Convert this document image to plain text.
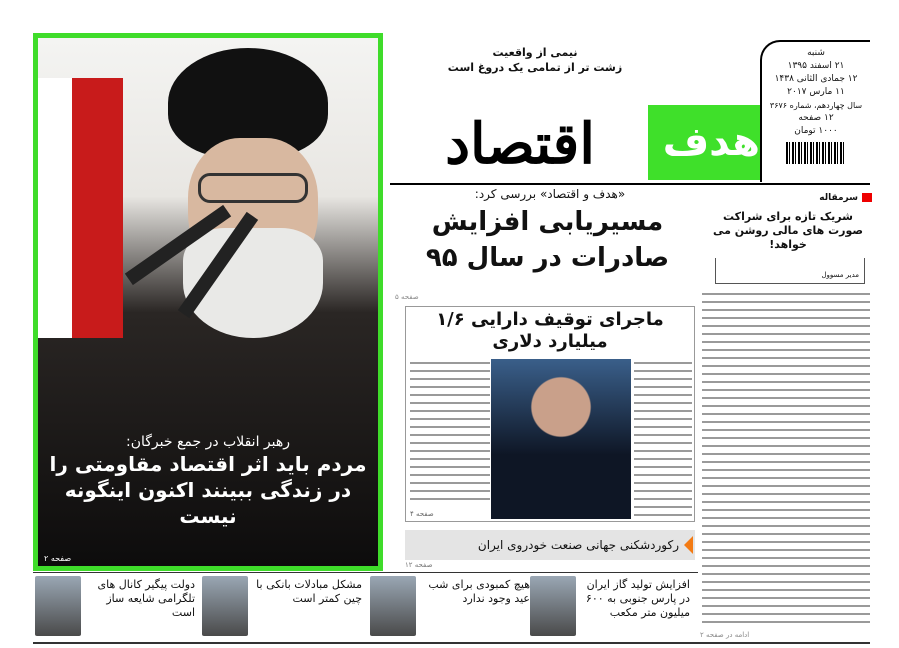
رهبر انقلاب در جمع خبرگان:
مردم باید اثر اقتصاد مقاومتی را در زندگی ببینند اکنون اینگونه نیست
صفحه ۲
نیمی از واقعیت
زشت تر از تمامی یک دروغ است
اقتصاد هدف و
شنبه
۲۱ اسفند ۱۳۹۵
۱۲ جمادی الثانی ۱۴۳۸
۱۱ مارس ۲۰۱۷
سال چهاردهم، شماره ۳۶۷۶
۱۲ صفحه
۱۰۰۰ تومان
«هدف و اقتصاد» بررسی کرد:
مسیریابی افزایش صادرات در سال ۹۵
صفحه ۵
ماجرای توقیف دارایی ۱/۶ میلیارد دلاری
صفحه ۴
رکوردشکنی جهانی صنعت خودروی ایران
صفحه ۱۲
سرمقاله
شریک تازه برای شراکت صورت های مالی روشن می خواهد!
مدیر مسوول
ادامه در صفحه ۲
افزایش تولید گاز ایران در پارس جنوبی به ۶۰۰ میلیون متر مکعب
هیچ کمبودی برای شب عید وجود ندارد
مشکل مبادلات بانکی با چین کمتر است
دولت پیگیر کانال های تلگرامی شایعه ساز است
